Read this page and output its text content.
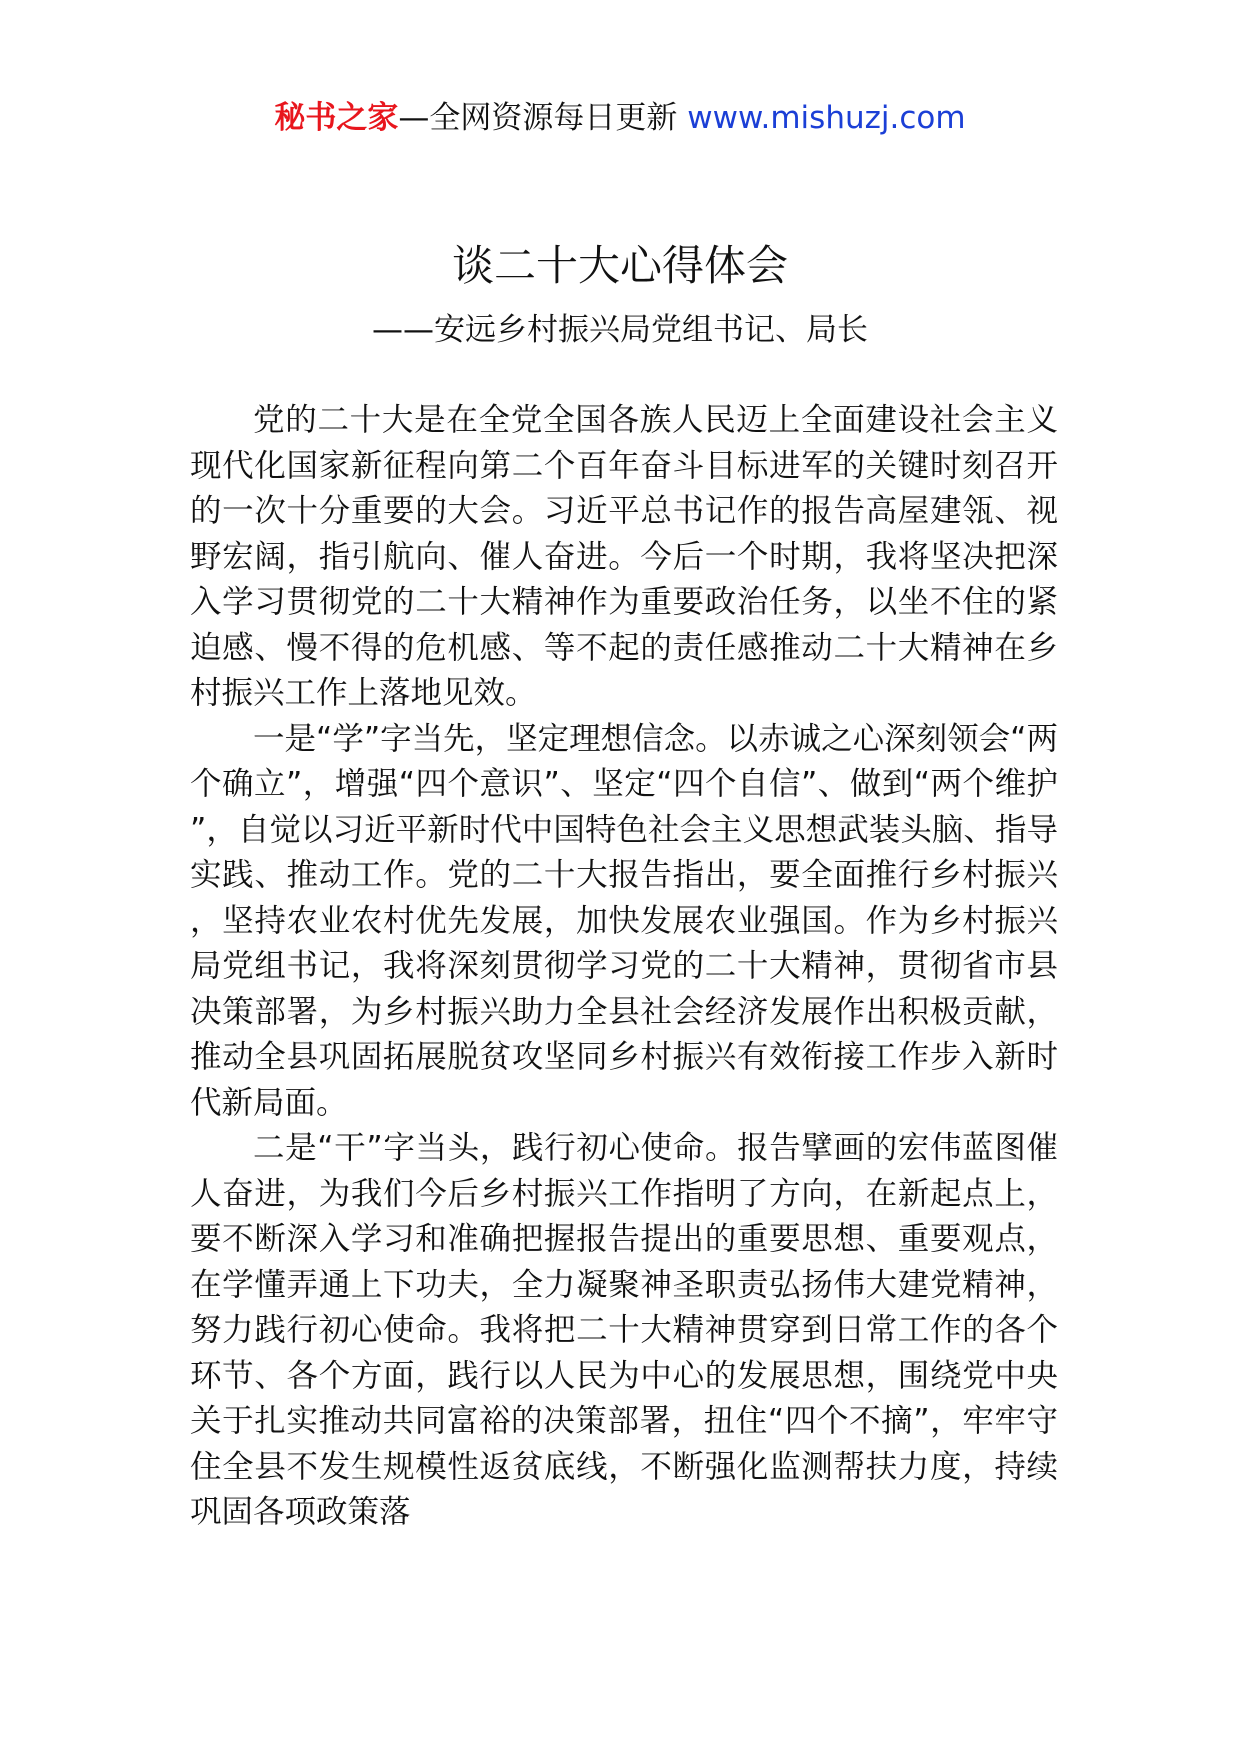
秘书之家—全网资源每日更新 www.mishuzj.com
谈二十大心得体会
——安远乡村振兴局党组书记、局长

党的二十大是在全党全国各族人民迈上全面建设社会主义现代化国家新征程向第二个百年奋斗目标进军的关键时刻召开的一次十分重要的大会。习近平总书记作的报告高屋建瓴、视野宏阔，指引航向、催人奋进。今后一个时期，我将坚决把深入学习贯彻党的二十大精神作为重要政治任务，以坐不住的紧迫感、慢不得的危机感、等不起的责任感推动二十大精神在乡村振兴工作上落地见效。

一是“学”字当先，坚定理想信念。以赤诚之心深刻领会“两个确立”，增强“四个意识”、坚定“四个自信”、做到“两个维护”，自觉以习近平新时代中国特色社会主义思想武装头脑、指导实践、推动工作。党的二十大报告指出，要全面推行乡村振兴，坚持农业农村优先发展，加快发展农业强国。作为乡村振兴局党组书记，我将深刻贯彻学习党的二十大精神，贯彻省市县决策部署，为乡村振兴助力全县社会经济发展作出积极贡献，推动全县巩固拓展脱贫攻坚同乡村振兴有效衔接工作步入新时代新局面。

二是“干”字当头，践行初心使命。报告擘画的宏伟蓝图催人奋进，为我们今后乡村振兴工作指明了方向，在新起点上，要不断深入学习和准确把握报告提出的重要思想、重要观点，在学懂弄通上下功夫，全力凝聚神圣职责弘扬伟大建党精神，努力践行初心使命。我将把二十大精神贯穿到日常工作的各个环节、各个方面，践行以人民为中心的发展思想，围绕党中央关于扎实推动共同富裕的决策部署，扭住“四个不摘”，牢牢守住全县不发生规模性返贫底线，不断强化监测帮扶力度，持续巩固各项政策落
